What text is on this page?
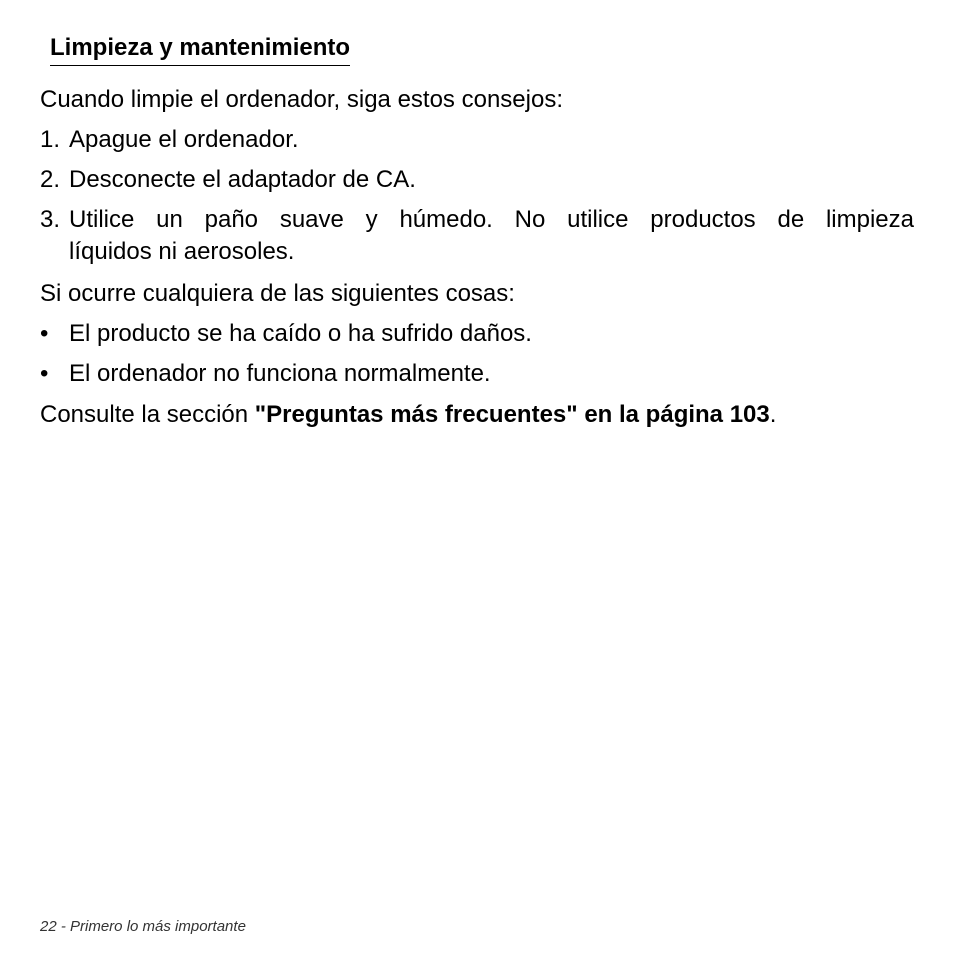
Limpieza y mantenimiento
Cuando limpie el ordenador, siga estos consejos:
1. Apague el ordenador.
2. Desconecte el adaptador de CA.
3. Utilice un paño suave y húmedo. No utilice productos de limpieza
líquidos ni aerosoles.
Si ocurre cualquiera de las siguientes cosas:
• El producto se ha caído o ha sufrido daños.
• El ordenador no funciona normalmente.
Consulte la sección "Preguntas más frecuentes" en la página 103.
22 - Primero lo más importante
